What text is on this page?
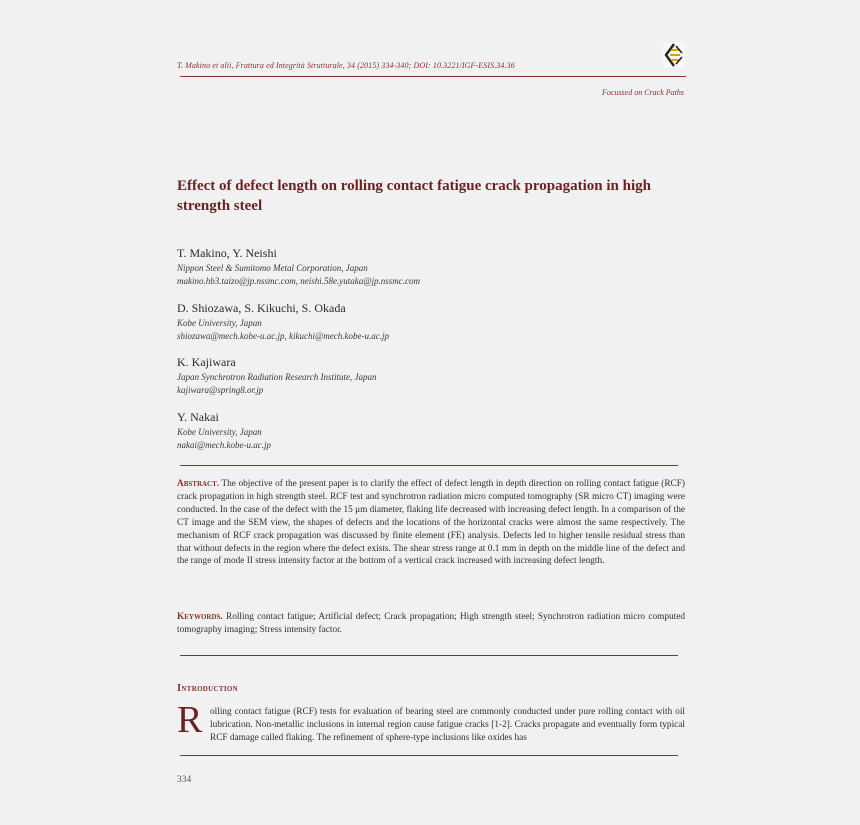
T. Makino et alii, Frattura ed Integrità Strutturale, 34 (2015) 334-340; DOI: 10.3221/IGF-ESIS.34.36
Focussed on Crack Paths
Effect of defect length on rolling contact fatigue crack propagation in high strength steel
T. Makino, Y. Neishi
Nippon Steel & Sumitomo Metal Corporation, Japan
makino.hb3.taizo@jp.nssmc.com, neishi.58e.yutaka@jp.nssmc.com
D. Shiozawa, S. Kikuchi, S. Okada
Kobe University, Japan
shiozawa@mech.kobe-u.ac.jp, kikuchi@mech.kobe-u.ac.jp
K. Kajiwara
Japan Synchrotron Radiation Research Institute, Japan
kajiwara@spring8.or.jp
Y. Nakai
Kobe University, Japan
nakai@mech.kobe-u.ac.jp
Abstract. The objective of the present paper is to clarify the effect of defect length in depth direction on rolling contact fatigue (RCF) crack propagation in high strength steel. RCF test and synchrotron radiation micro computed tomography (SR micro CT) imaging were conducted. In the case of the defect with the 15 μm diameter, flaking life decreased with increasing defect length. In a comparison of the CT image and the SEM view, the shapes of defects and the locations of the horizontal cracks were almost the same respectively. The mechanism of RCF crack propagation was discussed by finite element (FE) analysis. Defects led to higher tensile residual stress than that without defects in the region where the defect exists. The shear stress range at 0.1 mm in depth on the middle line of the defect and the range of mode II stress intensity factor at the bottom of a vertical crack increased with increasing defect length.
Keywords. Rolling contact fatigue; Artificial defect; Crack propagation; High strength steel; Synchrotron radiation micro computed tomography imaging; Stress intensity factor.
Introduction
R olling contact fatigue (RCF) tests for evaluation of bearing steel are commonly conducted under pure rolling contact with oil lubrication. Non-metallic inclusions in internal region cause fatigue cracks [1-2]. Cracks propagate and eventually form typical RCF damage called flaking. The refinement of sphere-type inclusions like oxides has
334
